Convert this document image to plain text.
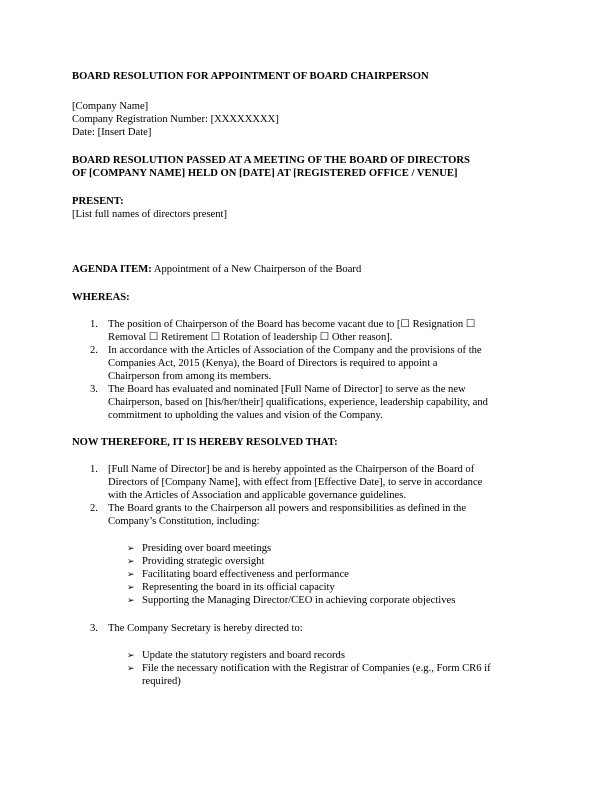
BOARD RESOLUTION FOR APPOINTMENT OF BOARD CHAIRPERSON

[Company Name]

Company Registration Number: [XXXXXXXX]

Date: [Insert Date]

BOARD RESOLUTION PASSED AT A MEETING OF THE BOARD OF DIRECTORS

OF [COMPANY NAME] HELD ON [DATE] AT [REGISTERED OFFICE / VENUE]

PRESENT:

[List full names of directors present]

AGENDA ITEM: Appointment of a New Chairperson of the Board

WHEREAS:

1. The position of Chairperson of the Board has become vacant due to [☐ Resignation ☐
Removal ☐ Retirement ☐ Rotation of leadership ☐ Other reason].
2. In accordance with the Articles of Association of the Company and the provisions of the
Companies Act, 2015 (Kenya), the Board of Directors is required to appoint a
Chairperson from among its members.
3. The Board has evaluated and nominated [Full Name of Director] to serve as the new
Chairperson, based on [his/her/their] qualifications, experience, leadership capability, and
commitment to upholding the values and vision of the Company.

NOW THEREFORE, IT IS HEREBY RESOLVED THAT:

1. [Full Name of Director] be and is hereby appointed as the Chairperson of the Board of
Directors of [Company Name], with effect from [Effective Date], to serve in accordance
with the Articles of Association and applicable governance guidelines.
2. The Board grants to the Chairperson all powers and responsibilities as defined in the
Company’s Constitution, including:
➢ Presiding over board meetings
➢ Providing strategic oversight
➢ Facilitating board effectiveness and performance
➢ Representing the board in its official capacity
➢ Supporting the Managing Director/CEO in achieving corporate objectives
3. The Company Secretary is hereby directed to:
➢ Update the statutory registers and board records
➢ File the necessary notification with the Registrar of Companies (e.g., Form CR6 if
required)
